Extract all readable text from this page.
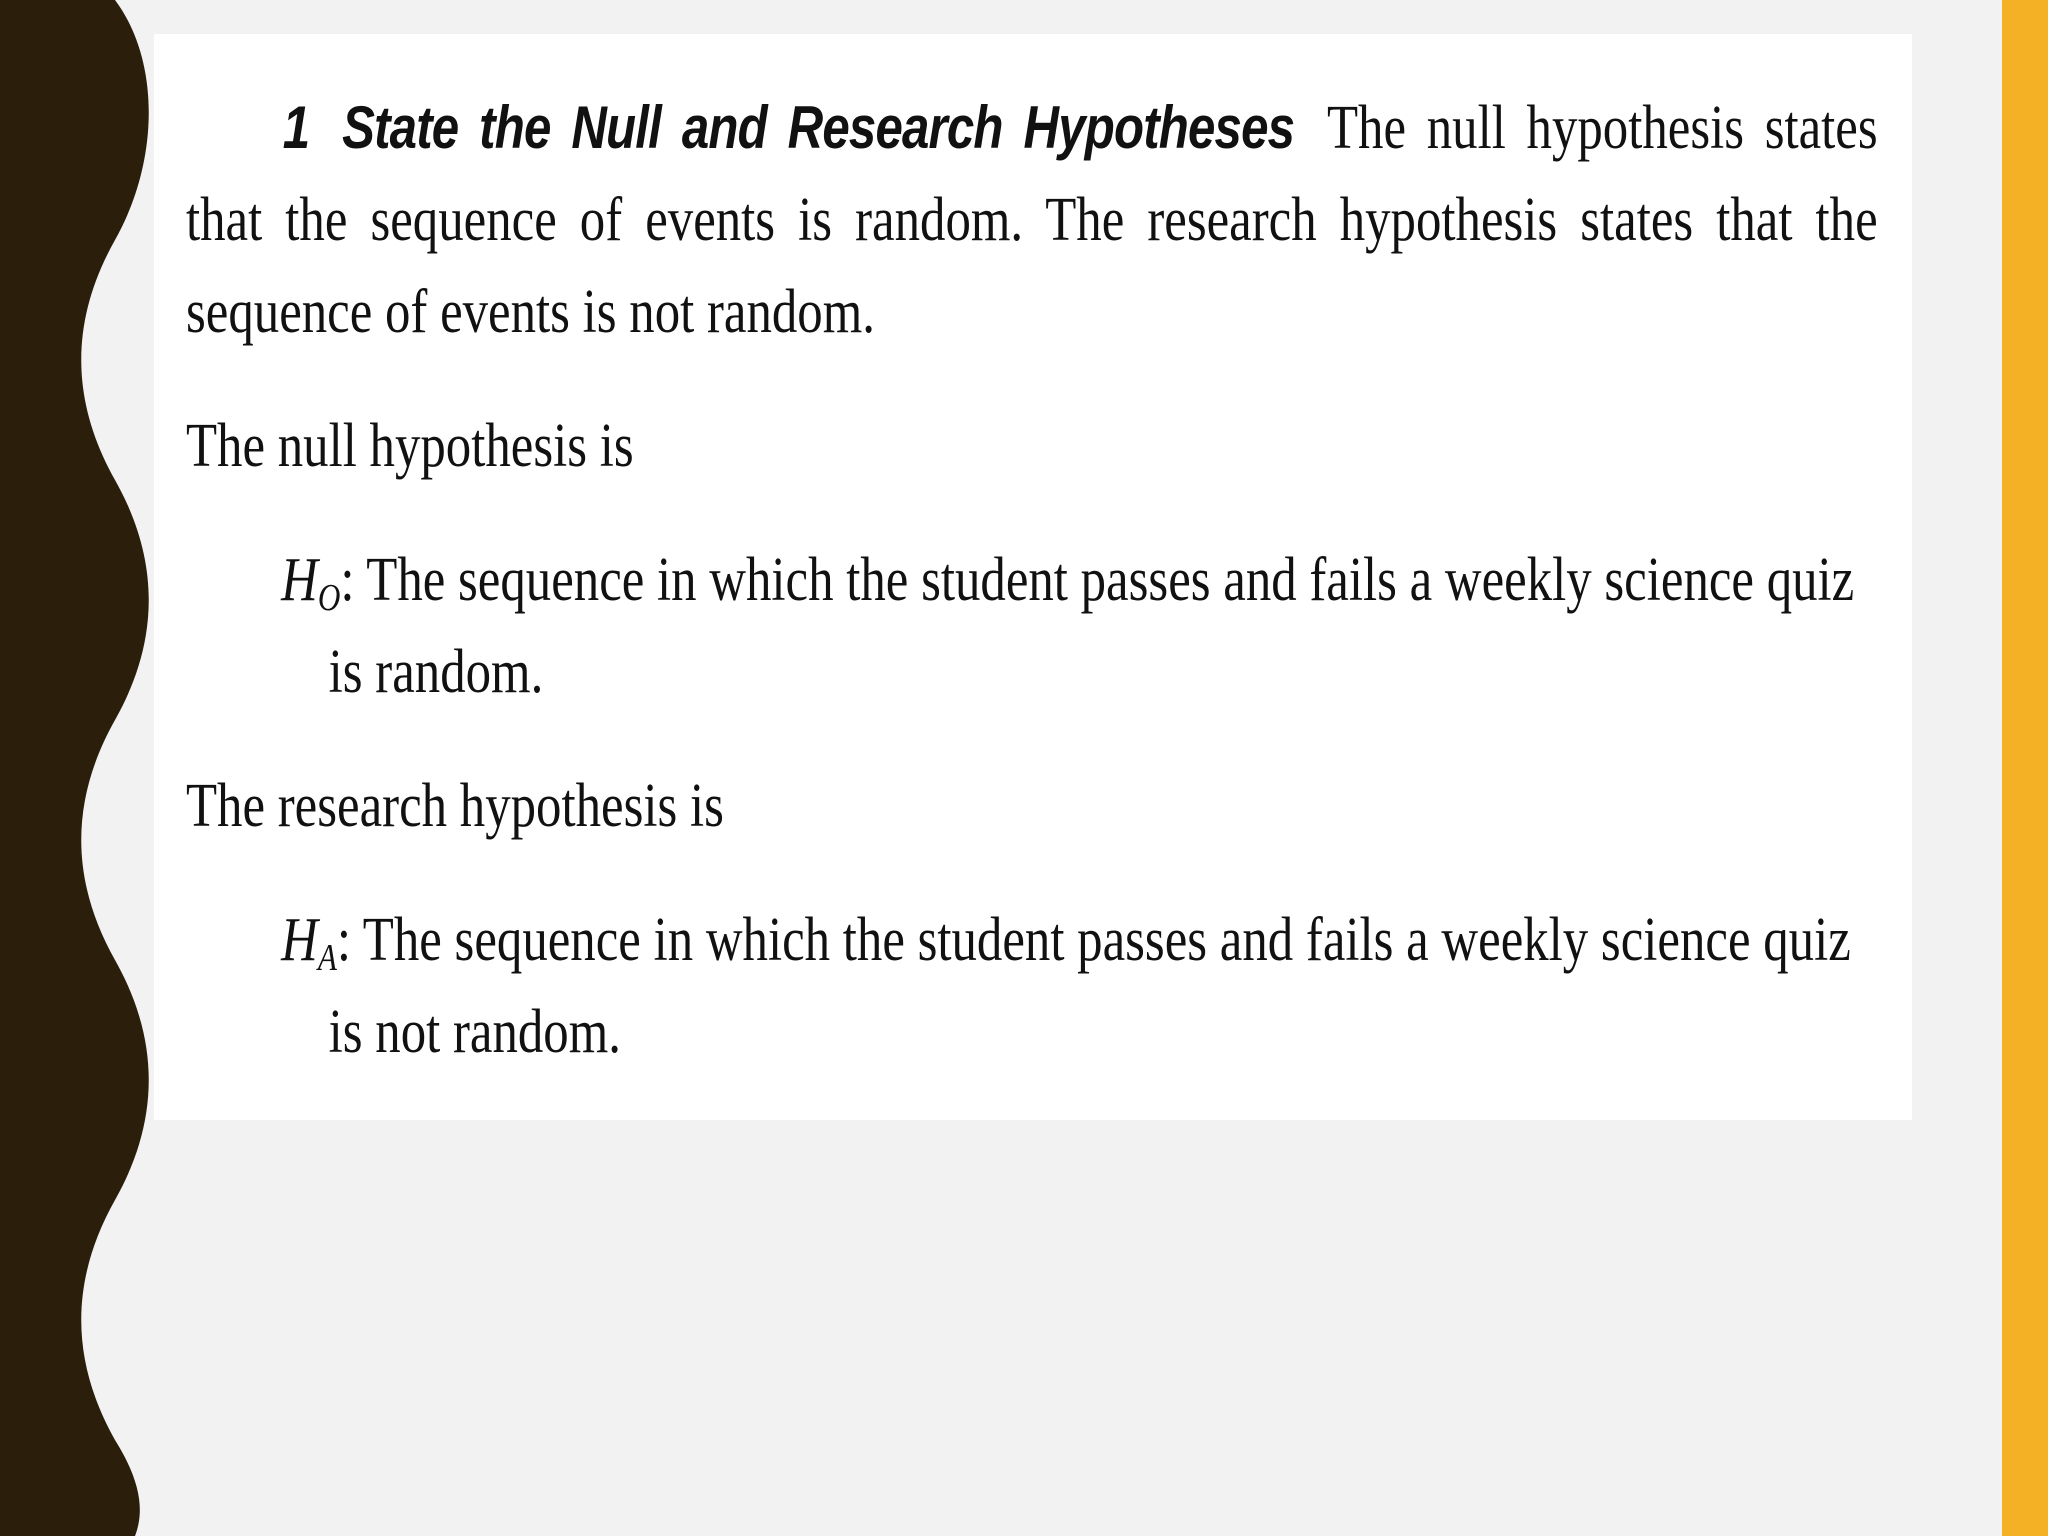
1 State the Null and Research Hypotheses The null hypothesis states that the sequence of events is random. The research hypothesis states that the sequence of events is not random.

The null hypothesis is

$H_O$: The sequence in which the student passes and fails a weekly science quiz
is random.

The research hypothesis is

$H_A$: The sequence in which the student passes and fails a weekly science quiz
is not random.
